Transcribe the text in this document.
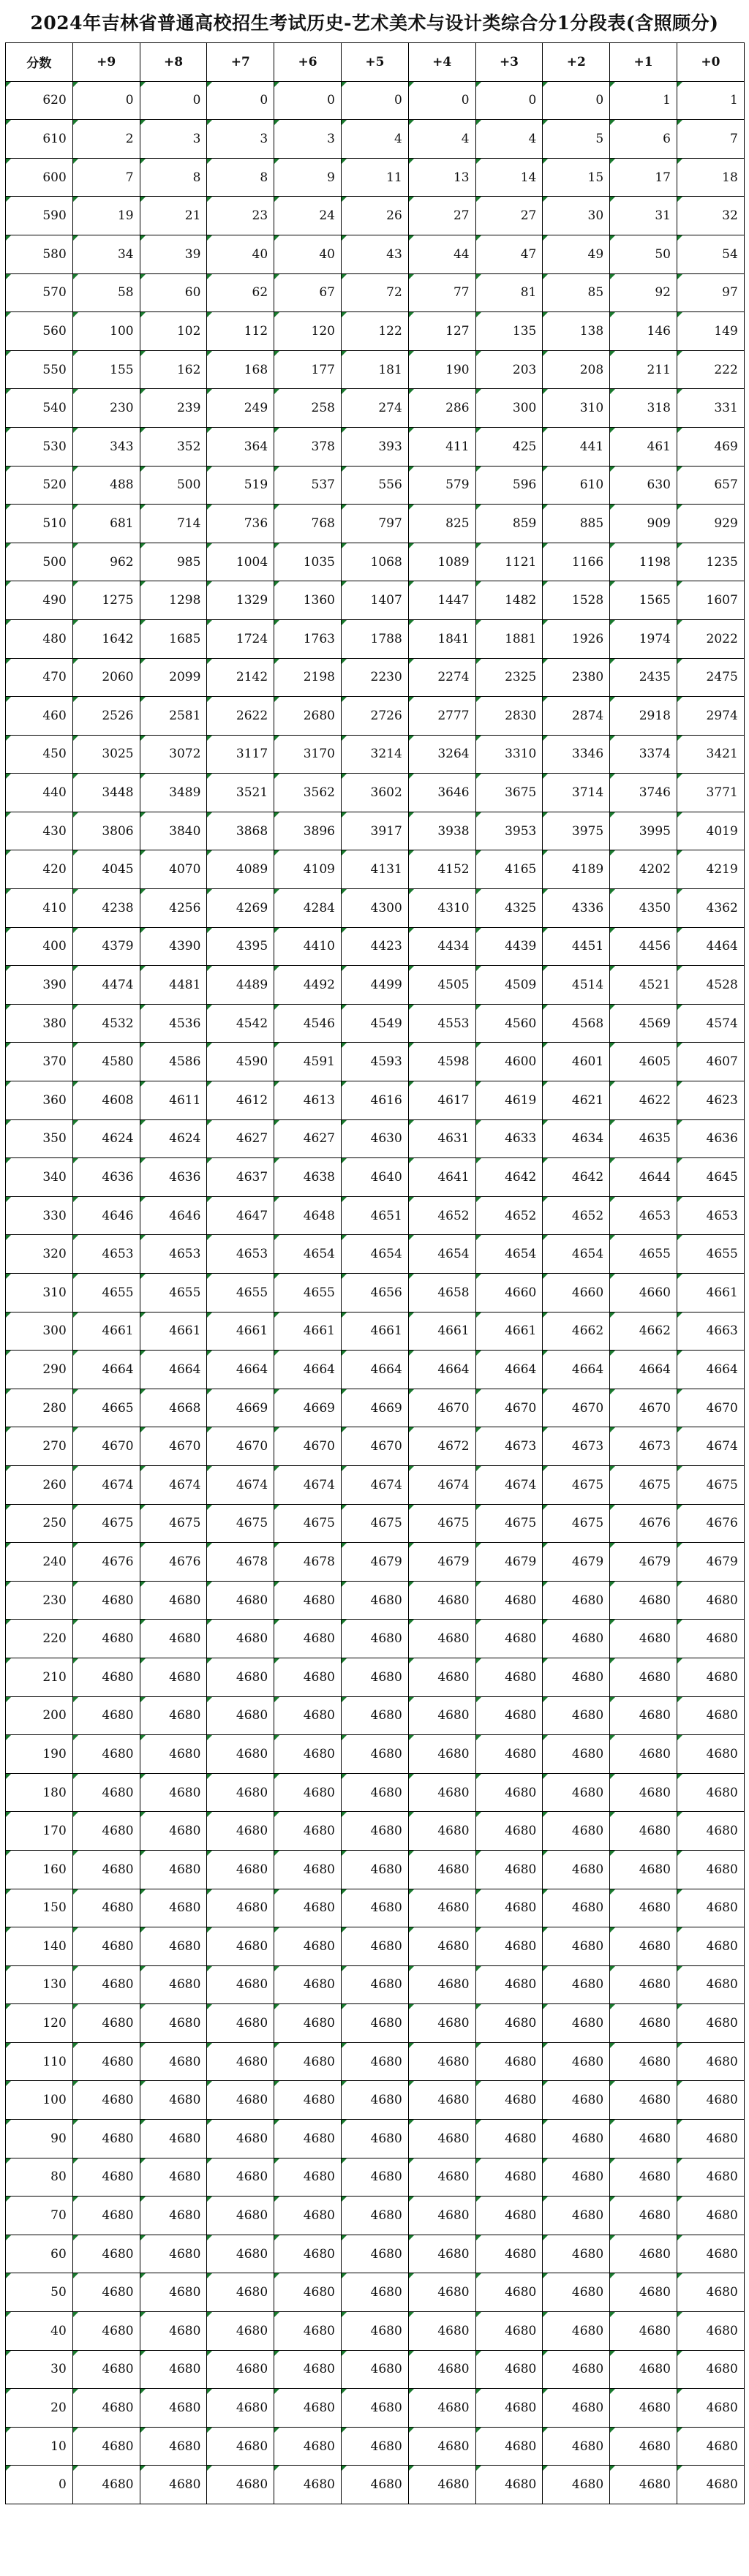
2024年吉林省普通高校招生考试历史-艺术美术与设计类综合分1分段表(含照顾分)
分数	+9	+8	+7	+6	+5	+4	+3	+2	+1	+0
620	0	0	0	0	0	0	0	0	1	1
610	2	3	3	3	4	4	4	5	6	7
600	7	8	8	9	11	13	14	15	17	18
590	19	21	23	24	26	27	27	30	31	32
580	34	39	40	40	43	44	47	49	50	54
570	58	60	62	67	72	77	81	85	92	97
560	100	102	112	120	122	127	135	138	146	149
550	155	162	168	177	181	190	203	208	211	222
540	230	239	249	258	274	286	300	310	318	331
530	343	352	364	378	393	411	425	441	461	469
520	488	500	519	537	556	579	596	610	630	657
510	681	714	736	768	797	825	859	885	909	929
500	962	985	1004	1035	1068	1089	1121	1166	1198	1235
490	1275	1298	1329	1360	1407	1447	1482	1528	1565	1607
480	1642	1685	1724	1763	1788	1841	1881	1926	1974	2022
470	2060	2099	2142	2198	2230	2274	2325	2380	2435	2475
460	2526	2581	2622	2680	2726	2777	2830	2874	2918	2974
450	3025	3072	3117	3170	3214	3264	3310	3346	3374	3421
440	3448	3489	3521	3562	3602	3646	3675	3714	3746	3771
430	3806	3840	3868	3896	3917	3938	3953	3975	3995	4019
420	4045	4070	4089	4109	4131	4152	4165	4189	4202	4219
410	4238	4256	4269	4284	4300	4310	4325	4336	4350	4362
400	4379	4390	4395	4410	4423	4434	4439	4451	4456	4464
390	4474	4481	4489	4492	4499	4505	4509	4514	4521	4528
380	4532	4536	4542	4546	4549	4553	4560	4568	4569	4574
370	4580	4586	4590	4591	4593	4598	4600	4601	4605	4607
360	4608	4611	4612	4613	4616	4617	4619	4621	4622	4623
350	4624	4624	4627	4627	4630	4631	4633	4634	4635	4636
340	4636	4636	4637	4638	4640	4641	4642	4642	4644	4645
330	4646	4646	4647	4648	4651	4652	4652	4652	4653	4653
320	4653	4653	4653	4654	4654	4654	4654	4654	4655	4655
310	4655	4655	4655	4655	4656	4658	4660	4660	4660	4661
300	4661	4661	4661	4661	4661	4661	4661	4662	4662	4663
290	4664	4664	4664	4664	4664	4664	4664	4664	4664	4664
280	4665	4668	4669	4669	4669	4670	4670	4670	4670	4670
270	4670	4670	4670	4670	4670	4672	4673	4673	4673	4674
260	4674	4674	4674	4674	4674	4674	4674	4675	4675	4675
250	4675	4675	4675	4675	4675	4675	4675	4675	4676	4676
240	4676	4676	4678	4678	4679	4679	4679	4679	4679	4679
230	4680	4680	4680	4680	4680	4680	4680	4680	4680	4680
220	4680	4680	4680	4680	4680	4680	4680	4680	4680	4680
210	4680	4680	4680	4680	4680	4680	4680	4680	4680	4680
200	4680	4680	4680	4680	4680	4680	4680	4680	4680	4680
190	4680	4680	4680	4680	4680	4680	4680	4680	4680	4680
180	4680	4680	4680	4680	4680	4680	4680	4680	4680	4680
170	4680	4680	4680	4680	4680	4680	4680	4680	4680	4680
160	4680	4680	4680	4680	4680	4680	4680	4680	4680	4680
150	4680	4680	4680	4680	4680	4680	4680	4680	4680	4680
140	4680	4680	4680	4680	4680	4680	4680	4680	4680	4680
130	4680	4680	4680	4680	4680	4680	4680	4680	4680	4680
120	4680	4680	4680	4680	4680	4680	4680	4680	4680	4680
110	4680	4680	4680	4680	4680	4680	4680	4680	4680	4680
100	4680	4680	4680	4680	4680	4680	4680	4680	4680	4680
90	4680	4680	4680	4680	4680	4680	4680	4680	4680	4680
80	4680	4680	4680	4680	4680	4680	4680	4680	4680	4680
70	4680	4680	4680	4680	4680	4680	4680	4680	4680	4680
60	4680	4680	4680	4680	4680	4680	4680	4680	4680	4680
50	4680	4680	4680	4680	4680	4680	4680	4680	4680	4680
40	4680	4680	4680	4680	4680	4680	4680	4680	4680	4680
30	4680	4680	4680	4680	4680	4680	4680	4680	4680	4680
20	4680	4680	4680	4680	4680	4680	4680	4680	4680	4680
10	4680	4680	4680	4680	4680	4680	4680	4680	4680	4680
0	4680	4680	4680	4680	4680	4680	4680	4680	4680	4680
